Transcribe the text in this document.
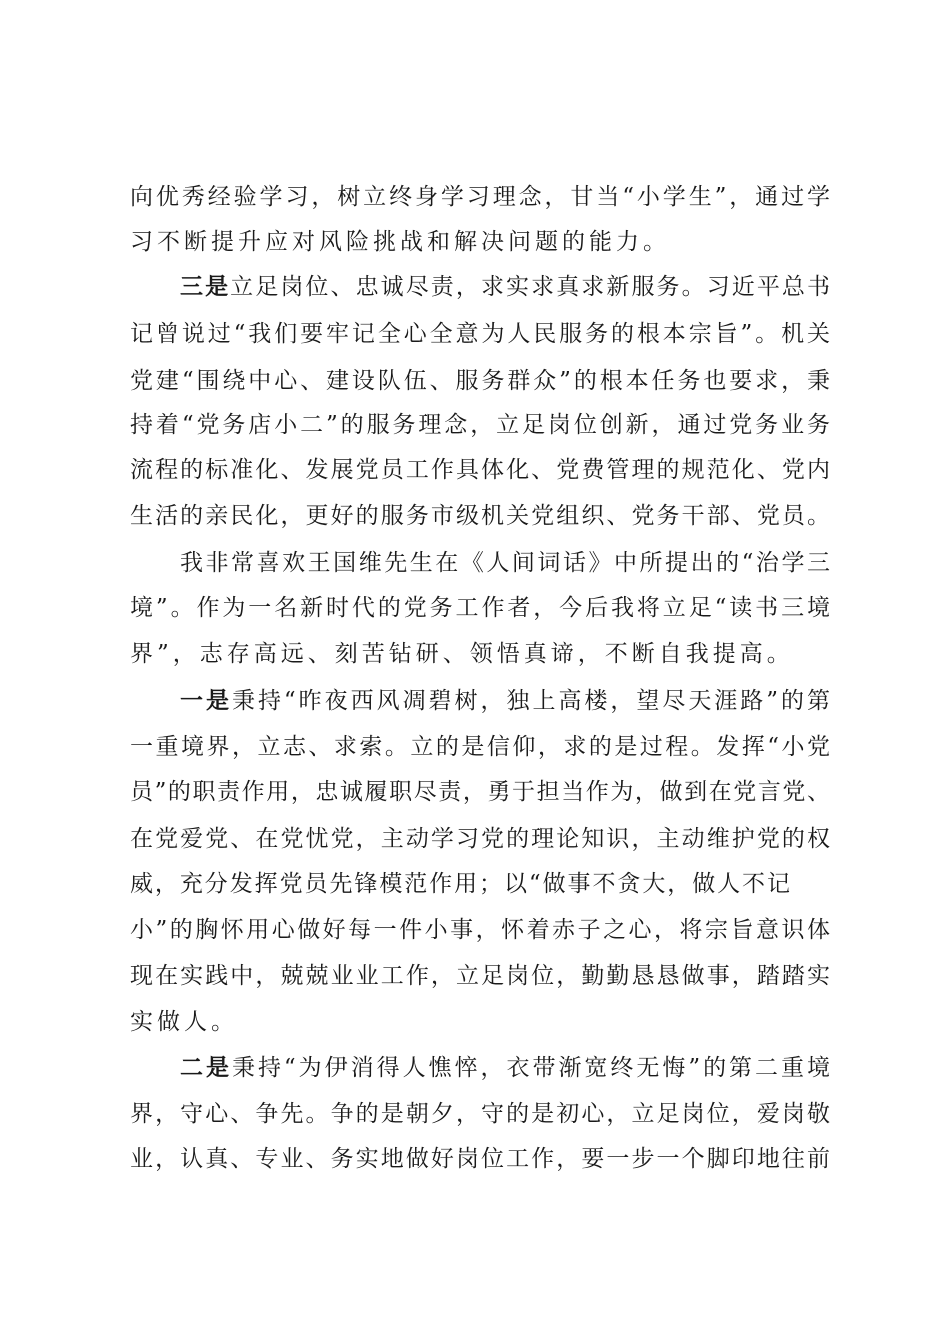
向优秀经验学习，树立终身学习理念，甘当“小学生”，通过学
习不断提升应对风险挑战和解决问题的能力。
三是立足岗位、忠诚尽责，求实求真求新服务。习近平总书
记曾说过“我们要牢记全心全意为人民服务的根本宗旨”。机关
党建“围绕中心、建设队伍、服务群众”的根本任务也要求，秉
持着“党务店小二”的服务理念，立足岗位创新，通过党务业务
流程的标准化、发展党员工作具体化、党费管理的规范化、党内
生活的亲民化，更好的服务市级机关党组织、党务干部、党员。
我非常喜欢王国维先生在《人间词话》中所提出的“治学三
境”。作为一名新时代的党务工作者，今后我将立足“读书三境
界”，志存高远、刻苦钻研、领悟真谛，不断自我提高。
一是秉持“昨夜西风凋碧树，独上高楼，望尽天涯路”的第
一重境界，立志、求索。立的是信仰，求的是过程。发挥“小党
员”的职责作用，忠诚履职尽责，勇于担当作为，做到在党言党、
在党爱党、在党忧党，主动学习党的理论知识，主动维护党的权
威，充分发挥党员先锋模范作用；以“做事不贪大，做人不记
小”的胸怀用心做好每一件小事，怀着赤子之心，将宗旨意识体
现在实践中，兢兢业业工作，立足岗位，勤勤恳恳做事，踏踏实
实做人。
二是秉持“为伊消得人憔悴，衣带渐宽终无悔”的第二重境
界，守心、争先。争的是朝夕，守的是初心，立足岗位，爱岗敬
业，认真、专业、务实地做好岗位工作，要一步一个脚印地往前
